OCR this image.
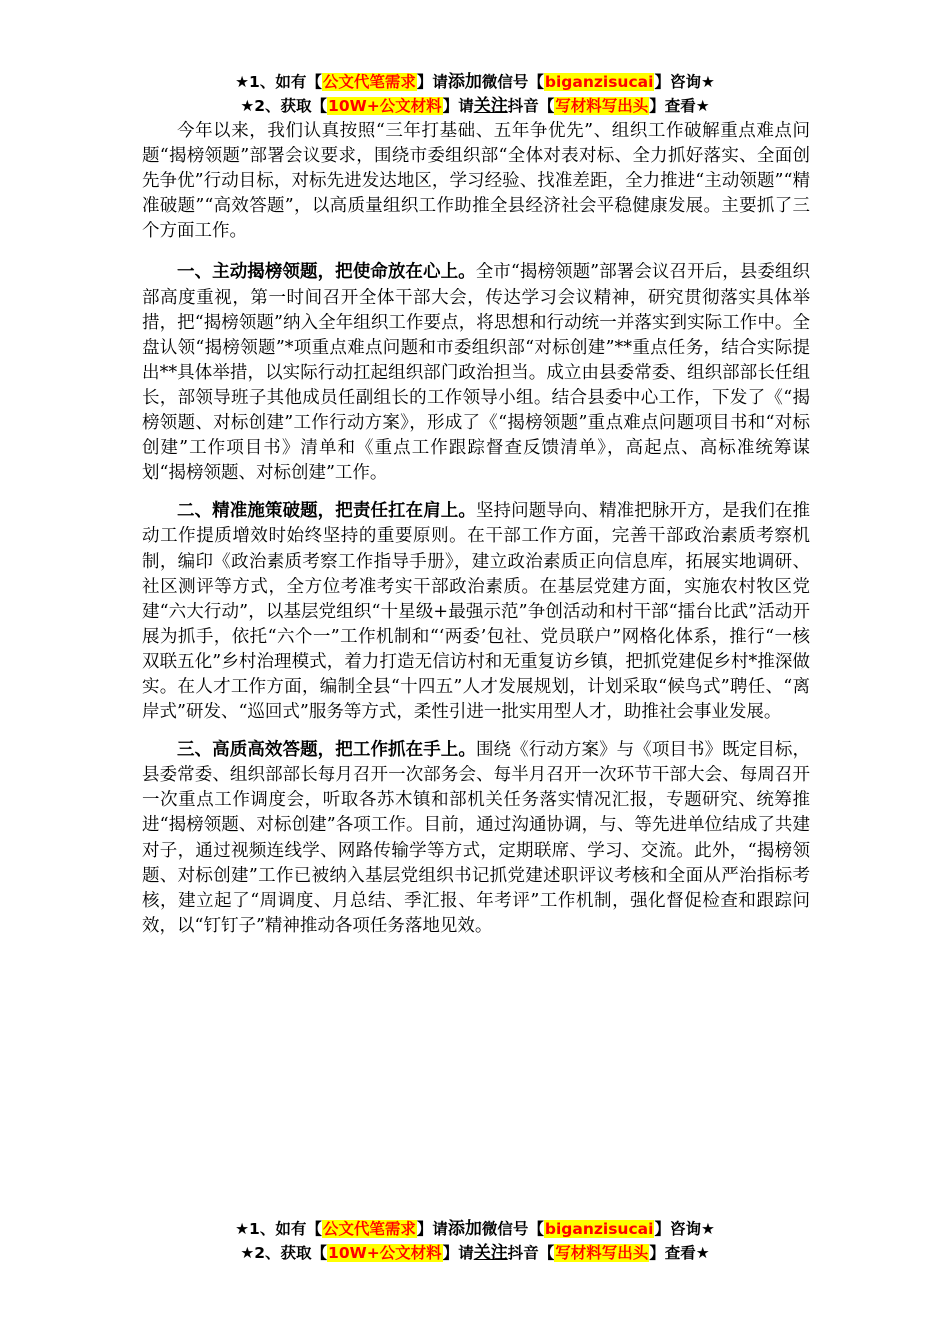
★1、如有【公文代笔需求】请添加微信号【biganzisucai】咨询★
★2、获取【10W+公文材料】请关注抖音【写材料写出头】查看★

今年以来，我们认真按照“三年打基础、五年争优先”、组织工作破解重点难点问题“揭榜领题”部署会议要求，围绕市委组织部“全体对表对标、全力抓好落实、全面创先争优”行动目标，对标先进发达地区，学习经验、找准差距，全力推进“主动领题”“精准破题”“高效答题”，以高质量组织工作助推全县经济社会平稳健康发展。主要抓了三个方面工作。

一、主动揭榜领题，把使命放在心上。全市“揭榜领题”部署会议召开后，县委组织部高度重视，第一时间召开全体干部大会，传达学习会议精神，研究贯彻落实具体举措，把“揭榜领题”纳入全年组织工作要点，将思想和行动统一并落实到实际工作中。全盘认领“揭榜领题”*项重点难点问题和市委组织部“对标创建”**重点任务，结合实际提出**具体举措，以实际行动扛起组织部门政治担当。成立由县委常委、组织部部长任组长，部领导班子其他成员任副组长的工作领导小组。结合县委中心工作，下发了《“揭榜领题、对标创建”工作行动方案》，形成了《“揭榜领题”重点难点问题项目书和“对标创建”工作项目书》清单和《重点工作跟踪督查反馈清单》，高起点、高标准统筹谋划“揭榜领题、对标创建”工作。

二、精准施策破题，把责任扛在肩上。坚持问题导向、精准把脉开方，是我们在推动工作提质增效时始终坚持的重要原则。在干部工作方面，完善干部政治素质考察机制，编印《政治素质考察工作指导手册》，建立政治素质正向信息库，拓展实地调研、社区测评等方式，全方位考准考实干部政治素质。在基层党建方面，实施农村牧区党建“六大行动”，以基层党组织“十星级+最强示范”争创活动和村干部“擂台比武”活动开展为抓手，依托“六个一”工作机制和“‘两委’包社、党员联户”网格化体系，推行“一核双联五化”乡村治理模式，着力打造无信访村和无重复访乡镇，把抓党建促乡村*推深做实。在人才工作方面，编制全县“十四五”人才发展规划，计划采取“候鸟式”聘任、“离岸式”研发、“巡回式”服务等方式，柔性引进一批实用型人才，助推社会事业发展。

三、高质高效答题，把工作抓在手上。围绕《行动方案》与《项目书》既定目标，县委常委、组织部部长每月召开一次部务会、每半月召开一次环节干部大会、每周召开一次重点工作调度会，听取各苏木镇和部机关任务落实情况汇报，专题研究、统筹推进“揭榜领题、对标创建”各项工作。目前，通过沟通协调，与、等先进单位结成了共建对子，通过视频连线学、网路传输学等方式，定期联席、学习、交流。此外，“揭榜领题、对标创建”工作已被纳入基层党组织书记抓党建述职评议考核和全面从严治指标考核，建立起了“周调度、月总结、季汇报、年考评”工作机制，强化督促检查和跟踪问效，以“钉钉子”精神推动各项任务落地见效。

★1、如有【公文代笔需求】请添加微信号【biganzisucai】咨询★
★2、获取【10W+公文材料】请关注抖音【写材料写出头】查看★
